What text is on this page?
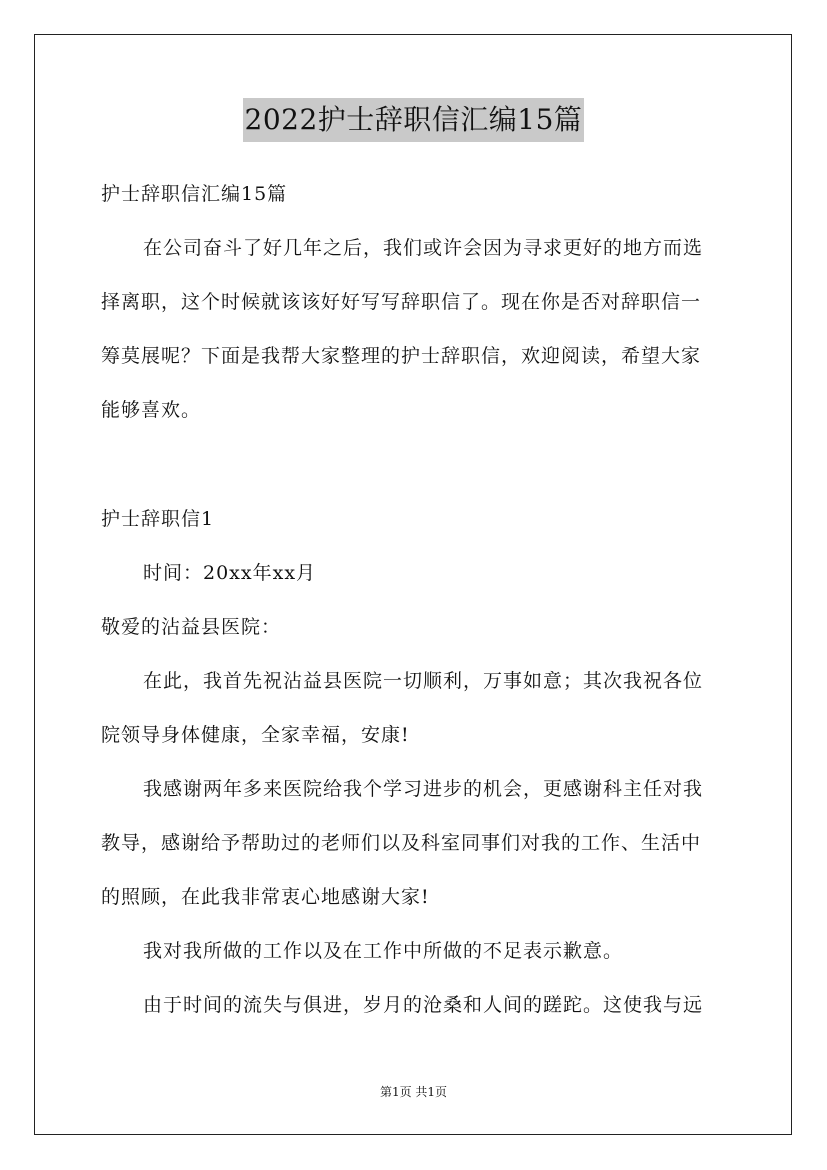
2022护士辞职信汇编15篇
护士辞职信汇编15篇
在公司奋斗了好几年之后，我们或许会因为寻求更好的地方而选
择离职，这个时候就该该好好写写辞职信了。现在你是否对辞职信一
筹莫展呢？下面是我帮大家整理的护士辞职信，欢迎阅读，希望大家
能够喜欢。
护士辞职信1
时间：20xx年xx月
敬爱的沾益县医院：
在此，我首先祝沾益县医院一切顺利，万事如意；其次我祝各位
院领导身体健康，全家幸福，安康!
我感谢两年多来医院给我个学习进步的机会，更感谢科主任对我
教导，感谢给予帮助过的老师们以及科室同事们对我的工作、生活中
的照顾，在此我非常衷心地感谢大家!
我对我所做的工作以及在工作中所做的不足表示歉意。
由于时间的流失与俱进，岁月的沧桑和人间的蹉跎。这使我与远
第1页 共1页
